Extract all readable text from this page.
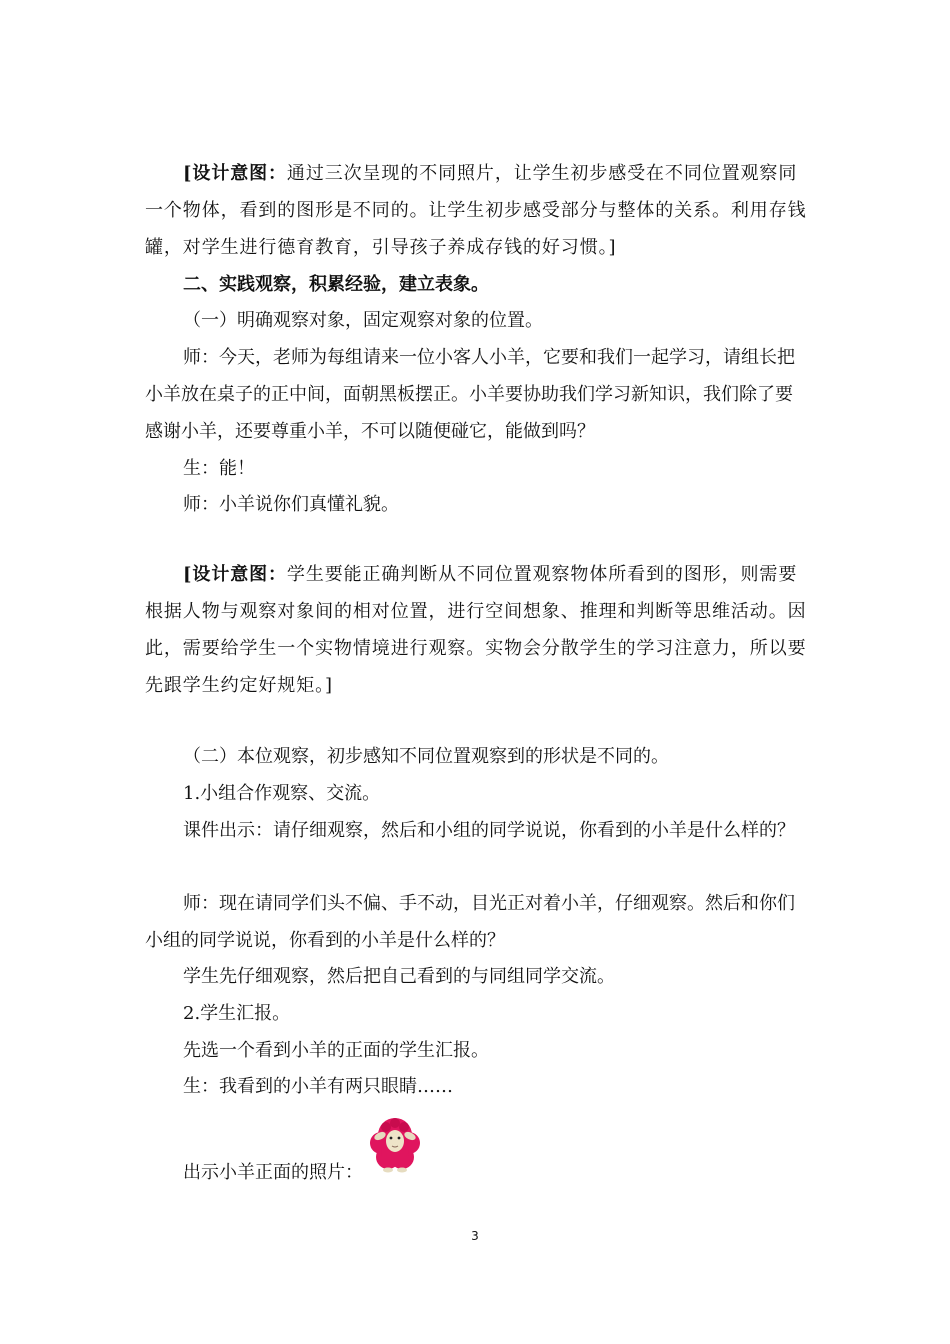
[设计意图：通过三次呈现的不同照片，让学生初步感受在不同位置观察同一个物体，看到的图形是不同的。让学生初步感受部分与整体的关系。利用存钱罐，对学生进行德育教育，引导孩子养成存钱的好习惯。]

二、实践观察，积累经验，建立表象。

（一）明确观察对象，固定观察对象的位置。

师：今天，老师为每组请来一位小客人小羊，它要和我们一起学习，请组长把小羊放在桌子的正中间，面朝黑板摆正。小羊要协助我们学习新知识，我们除了要感谢小羊，还要尊重小羊，不可以随便碰它，能做到吗？

生：能！

师：小羊说你们真懂礼貌。

[设计意图：学生要能正确判断从不同位置观察物体所看到的图形，则需要根据人物与观察对象间的相对位置，进行空间想象、推理和判断等思维活动。因此，需要给学生一个实物情境进行观察。实物会分散学生的学习注意力，所以要先跟学生约定好规矩。]

（二）本位观察，初步感知不同位置观察到的形状是不同的。

1.小组合作观察、交流。

课件出示：请仔细观察，然后和小组的同学说说，你看到的小羊是什么样的？

师：现在请同学们头不偏、手不动，目光正对着小羊，仔细观察。然后和你们小组的同学说说，你看到的小羊是什么样的？

学生先仔细观察，然后把自己看到的与同组同学交流。

2.学生汇报。

先选一个看到小羊的正面的学生汇报。

生：我看到的小羊有两只眼睛……

出示小羊正面的照片：

3
